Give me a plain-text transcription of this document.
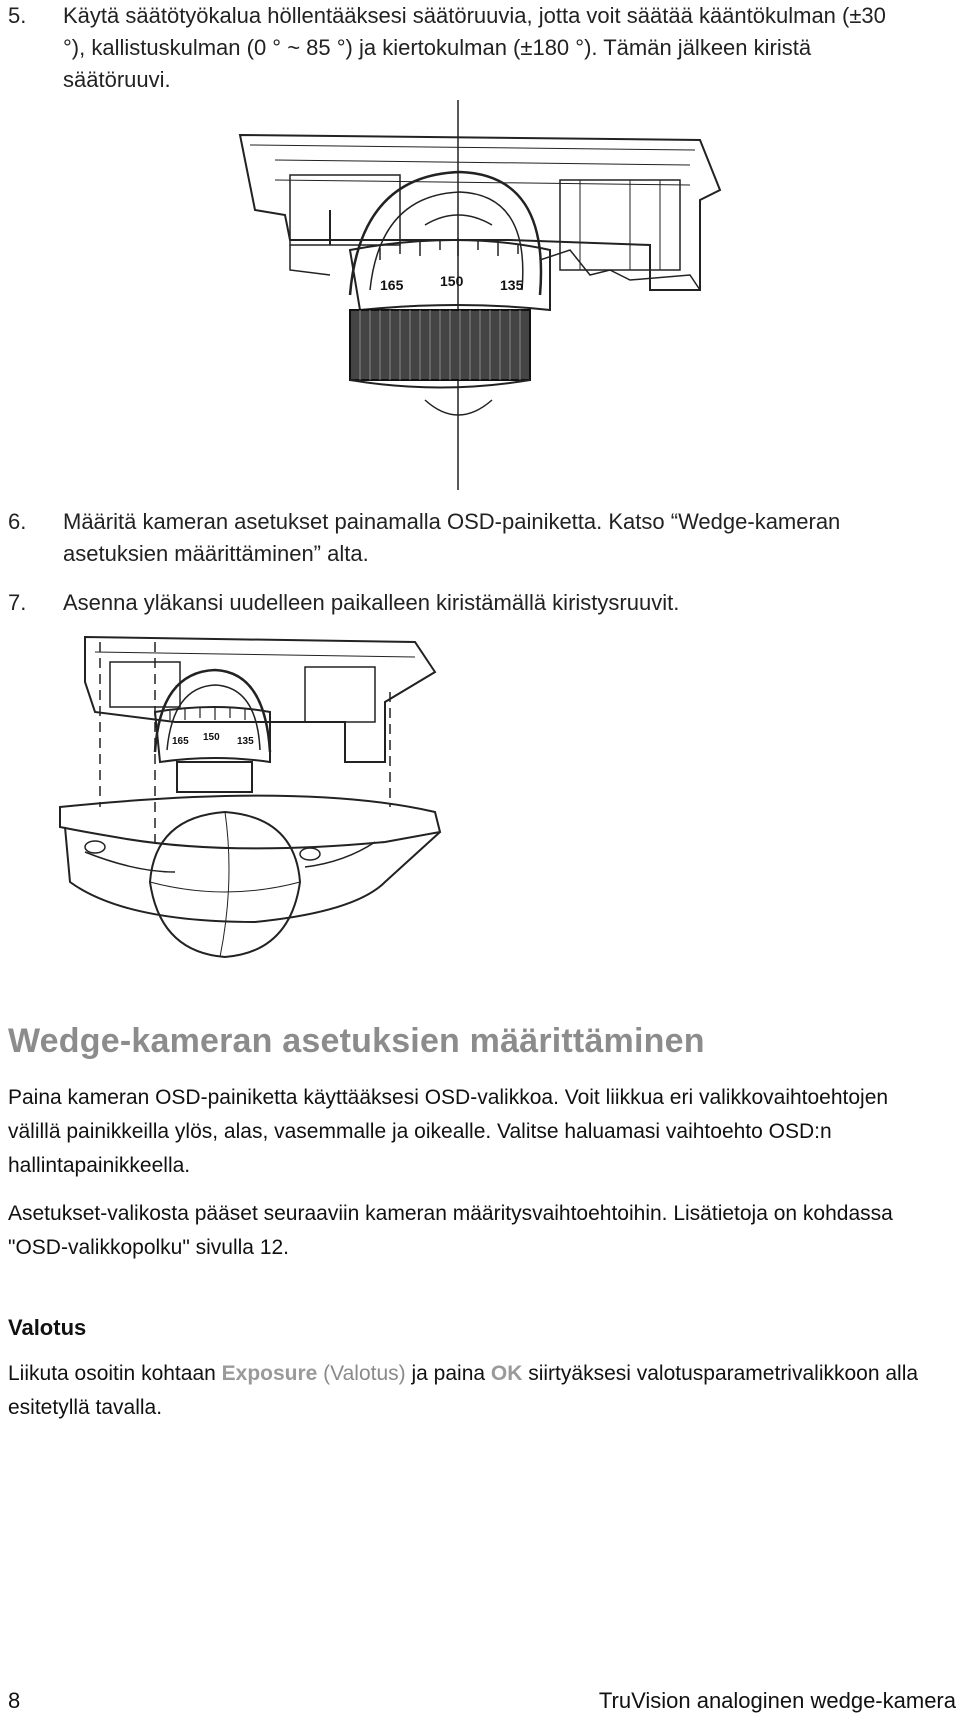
5. Käytä säätötyökalua höllentääksesi säätöruuvia, jotta voit säätää kääntökulman (±30 °), kallistuskulman (0 ° ~ 85 °) ja kiertokulman (±180 °). Tämän jälkeen kiristä säätöruuvi.
165	150	135
6. Määritä kameran asetukset painamalla OSD-painiketta. Katso “Wedge-kameran asetuksien määrittäminen” alta.
7. Asenna yläkansi uudelleen paikalleen kiristämällä kiristysruuvit.
165 150 135
Wedge-kameran asetuksien määrittäminen
Paina kameran OSD-painiketta käyttääksesi OSD-valikkoa. Voit liikkua eri valikkovaihtoehtojen välillä painikkeilla ylös, alas, vasemmalle ja oikealle. Valitse haluamasi vaihtoehto OSD:n hallintapainikkeella.
Asetukset-valikosta pääset seuraaviin kameran määritysvaihtoehtoihin. Lisätietoja on kohdassa "OSD-valikkopolku" sivulla 12.
Valotus
Liikuta osoitin kohtaan Exposure (Valotus) ja paina OK siirtyäksesi valotusparametrivalikkoon alla esitetyllä tavalla.
8	TruVision analoginen wedge-kamera
